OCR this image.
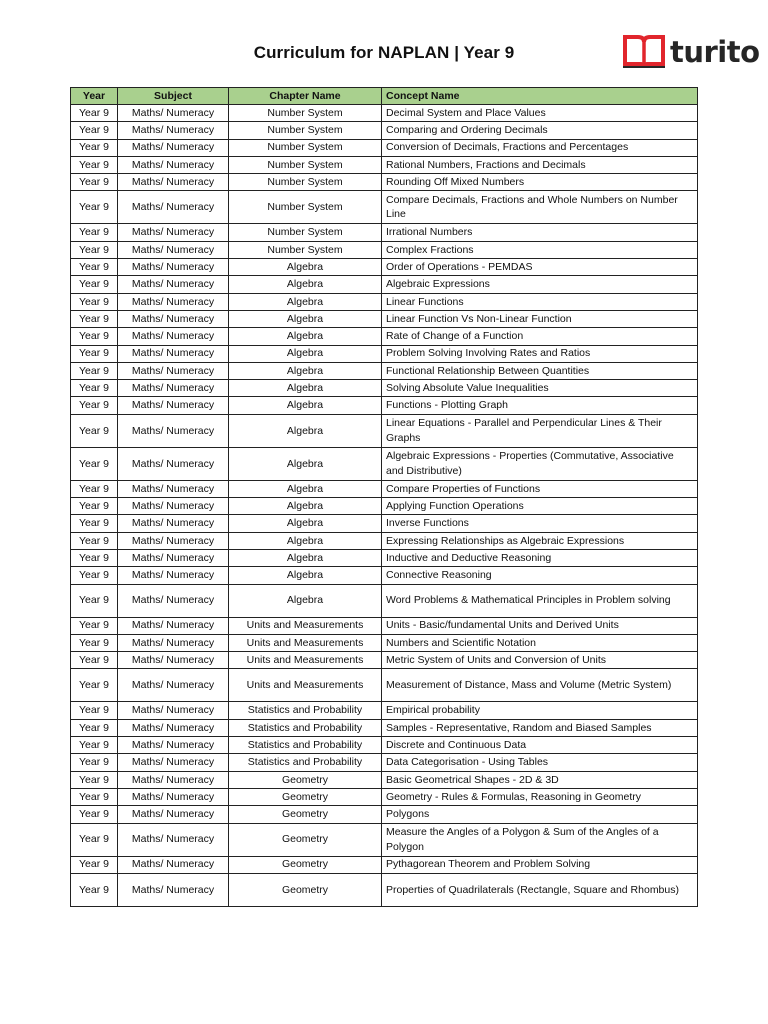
Curriculum for NAPLAN | Year 9	turito
Year	Subject	Chapter Name	Concept Name
Year 9	Maths/ Numeracy	Number System	Decimal System and Place Values
Year 9	Maths/ Numeracy	Number System	Comparing and Ordering Decimals
Year 9	Maths/ Numeracy	Number System	Conversion of Decimals, Fractions and Percentages
Year 9	Maths/ Numeracy	Number System	Rational Numbers, Fractions and Decimals
Year 9	Maths/ Numeracy	Number System	Rounding Off Mixed Numbers
Year 9	Maths/ Numeracy	Number System	Compare Decimals, Fractions and Whole Numbers on Number Line
Year 9	Maths/ Numeracy	Number System	Irrational Numbers
Year 9	Maths/ Numeracy	Number System	Complex Fractions
Year 9	Maths/ Numeracy	Algebra	Order of Operations - PEMDAS
Year 9	Maths/ Numeracy	Algebra	Algebraic Expressions
Year 9	Maths/ Numeracy	Algebra	Linear Functions
Year 9	Maths/ Numeracy	Algebra	Linear Function Vs Non-Linear Function
Year 9	Maths/ Numeracy	Algebra	Rate of Change of a Function
Year 9	Maths/ Numeracy	Algebra	Problem Solving Involving Rates and Ratios
Year 9	Maths/ Numeracy	Algebra	Functional Relationship Between Quantities
Year 9	Maths/ Numeracy	Algebra	Solving Absolute Value Inequalities
Year 9	Maths/ Numeracy	Algebra	Functions - Plotting Graph
Year 9	Maths/ Numeracy	Algebra	Linear Equations - Parallel and Perpendicular Lines & Their Graphs
Year 9	Maths/ Numeracy	Algebra	Algebraic Expressions - Properties (Commutative, Associative and Distributive)
Year 9	Maths/ Numeracy	Algebra	Compare Properties of Functions
Year 9	Maths/ Numeracy	Algebra	Applying Function Operations
Year 9	Maths/ Numeracy	Algebra	Inverse Functions
Year 9	Maths/ Numeracy	Algebra	Expressing Relationships as Algebraic Expressions
Year 9	Maths/ Numeracy	Algebra	Inductive and Deductive Reasoning
Year 9	Maths/ Numeracy	Algebra	Connective Reasoning
Year 9	Maths/ Numeracy	Algebra	Word Problems & Mathematical Principles in Problem solving
Year 9	Maths/ Numeracy	Units and Measurements	Units - Basic/fundamental Units and Derived Units
Year 9	Maths/ Numeracy	Units and Measurements	Numbers and Scientific Notation
Year 9	Maths/ Numeracy	Units and Measurements	Metric System of Units and Conversion of Units
Year 9	Maths/ Numeracy	Units and Measurements	Measurement of Distance, Mass and Volume (Metric System)
Year 9	Maths/ Numeracy	Statistics and Probability	Empirical probability
Year 9	Maths/ Numeracy	Statistics and Probability	Samples - Representative, Random and Biased Samples
Year 9	Maths/ Numeracy	Statistics and Probability	Discrete and Continuous Data
Year 9	Maths/ Numeracy	Statistics and Probability	Data Categorisation - Using Tables
Year 9	Maths/ Numeracy	Geometry	Basic Geometrical Shapes - 2D & 3D
Year 9	Maths/ Numeracy	Geometry	Geometry - Rules & Formulas, Reasoning in Geometry
Year 9	Maths/ Numeracy	Geometry	Polygons
Year 9	Maths/ Numeracy	Geometry	Measure the Angles of a Polygon & Sum of the Angles of a Polygon
Year 9	Maths/ Numeracy	Geometry	Pythagorean Theorem and Problem Solving
Year 9	Maths/ Numeracy	Geometry	Properties of Quadrilaterals (Rectangle, Square and Rhombus)
